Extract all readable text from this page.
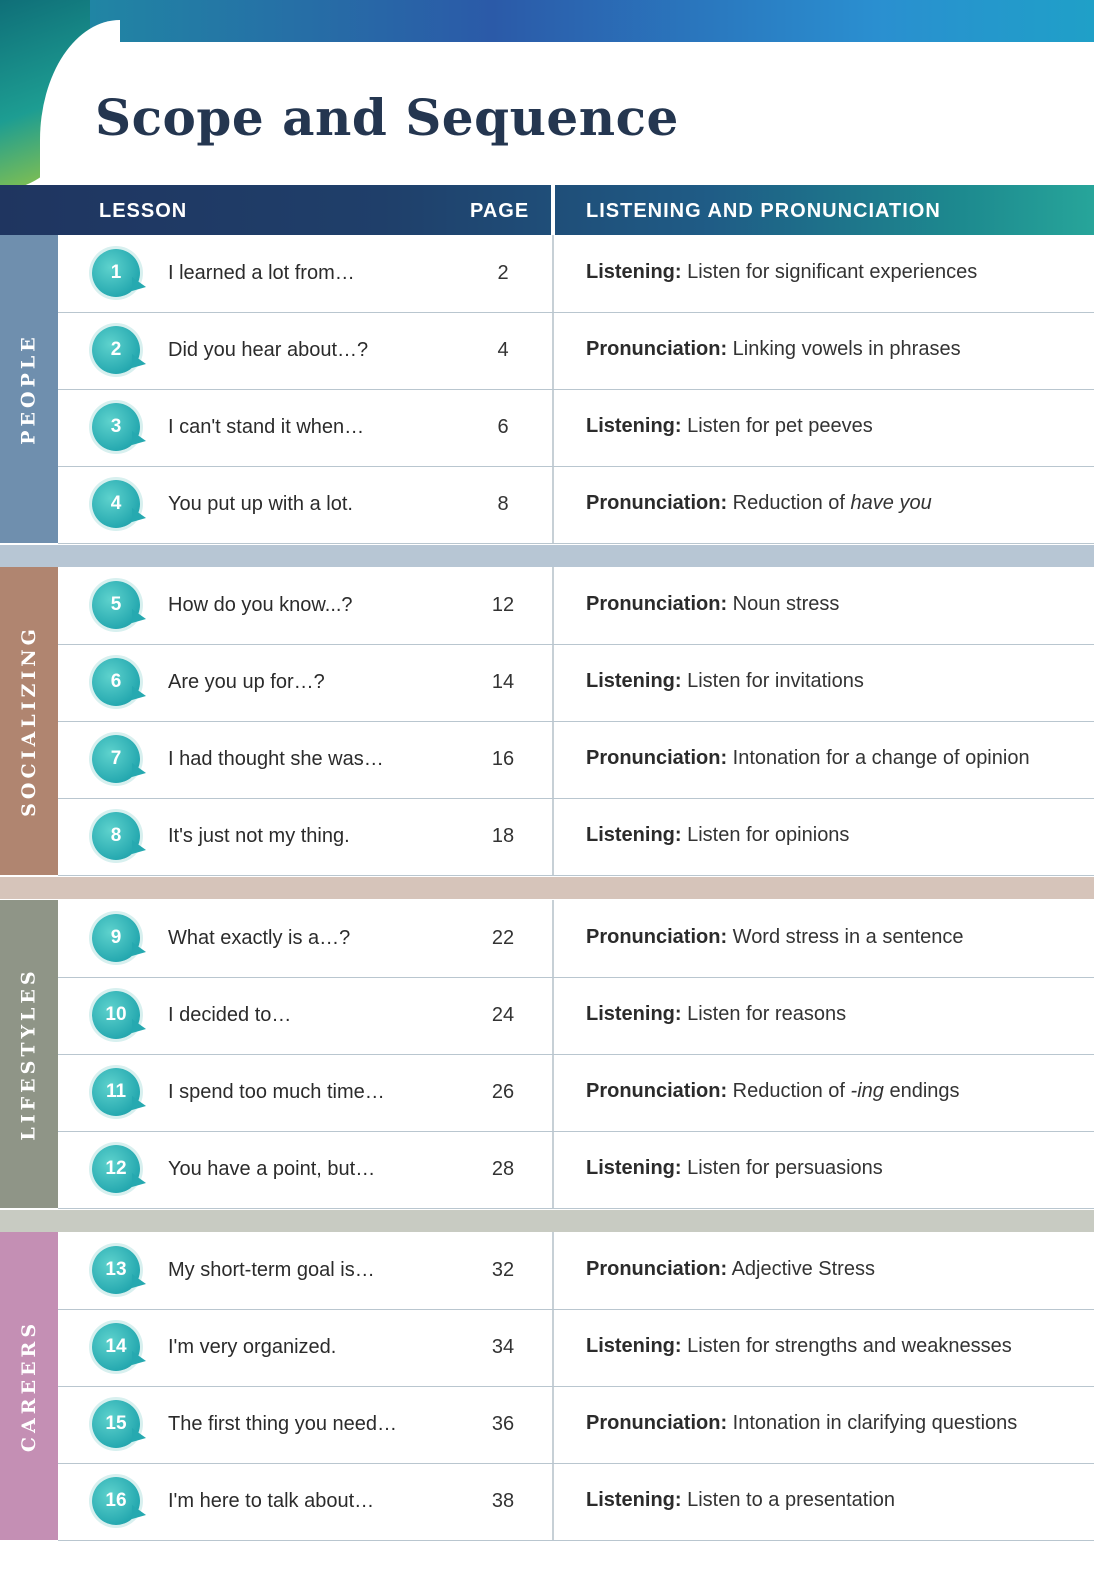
Scope and Sequence
LESSON	PAGE	LISTENING AND PRONUNCIATION
PEOPLE
1	I learned a lot from…	2	Listening: Listen for significant experiences
2	Did you hear about…?	4	Pronunciation: Linking vowels in phrases
3	I can't stand it when…	6	Listening: Listen for pet peeves
4	You put up with a lot.	8	Pronunciation: Reduction of have you
SOCIALIZING
5	How do you know...?	12	Pronunciation: Noun stress
6	Are you up for…?	14	Listening: Listen for invitations
7	I had thought she was…	16	Pronunciation: Intonation for a change of opinion
8	It's just not my thing.	18	Listening: Listen for opinions
LIFESTYLES
9	What exactly is a…?	22	Pronunciation: Word stress in a sentence
10	I decided to…	24	Listening: Listen for reasons
11	I spend too much time…	26	Pronunciation: Reduction of -ing endings
12	You have a point, but…	28	Listening: Listen for persuasions
CAREERS
13	My short-term goal is…	32	Pronunciation: Adjective Stress
14	I'm very organized.	34	Listening: Listen for strengths and weaknesses
15	The first thing you need…	36	Pronunciation: Intonation in clarifying questions
16	I'm here to talk about…	38	Listening: Listen to a presentation
